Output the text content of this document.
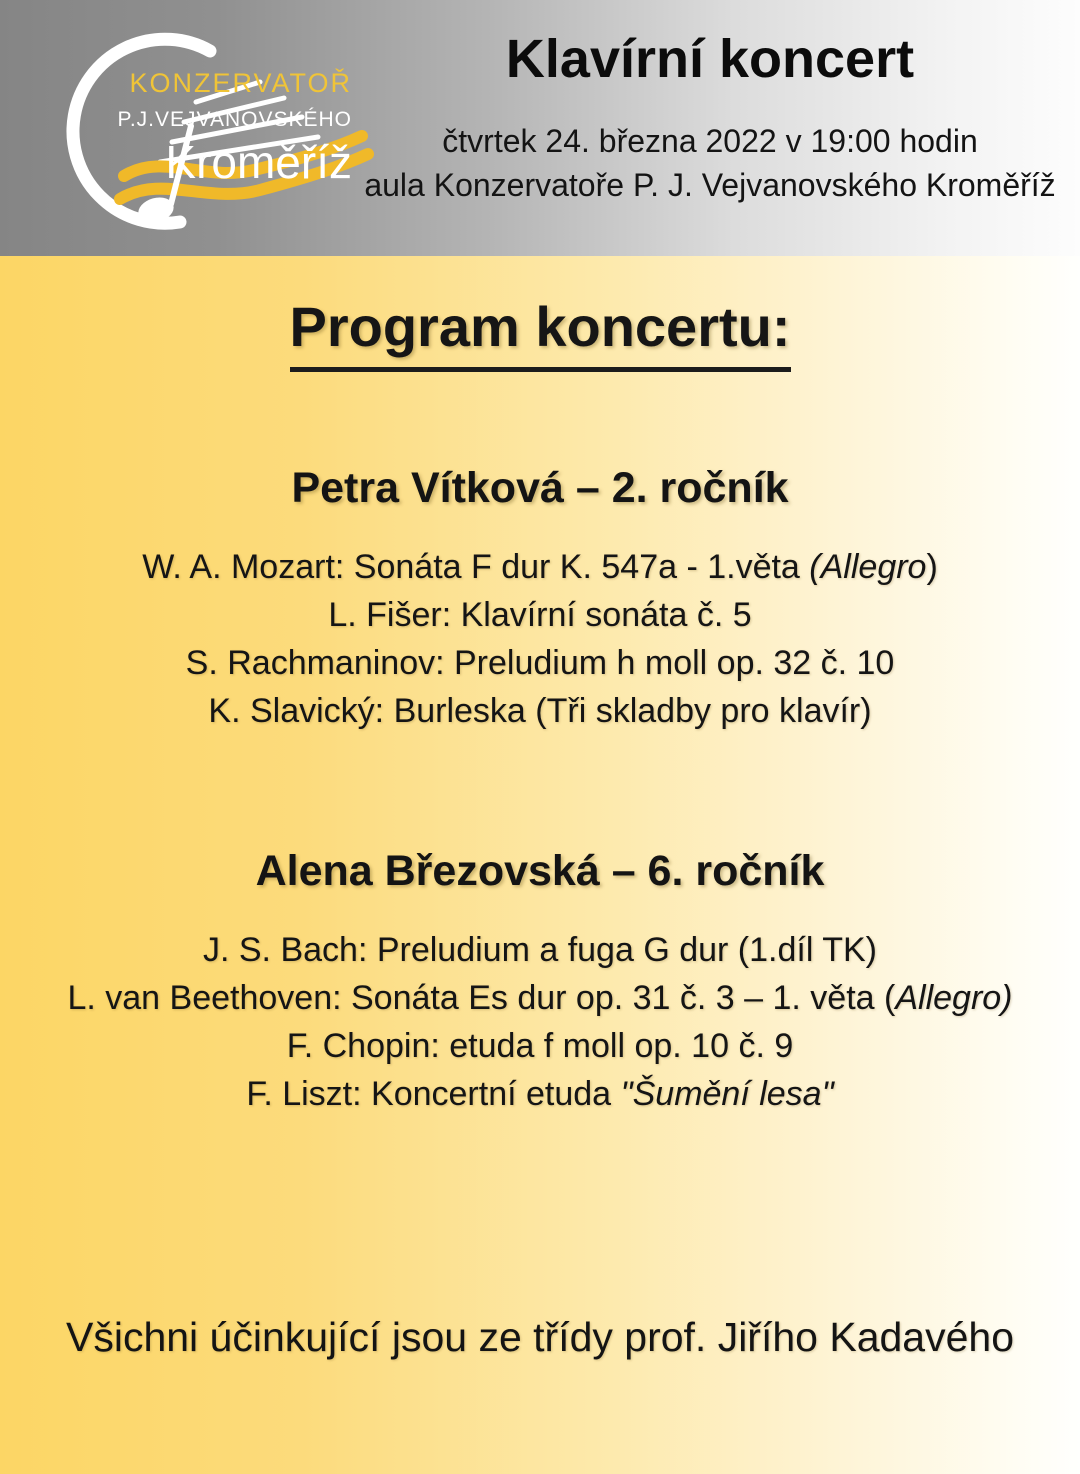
KONZERVATOŘ
P.J.VEJVANOVSKÉHO
Kroměříž
Klavírní koncert
čtvrtek 24. března 2022 v 19:00 hodin
aula Konzervatoře P. J. Vejvanovského Kroměříž
Program koncertu:
Petra Vítková – 2. ročník

W. A. Mozart: Sonáta F dur K. 547a - 1.věta (Allegro)

L. Fišer: Klavírní sonáta č. 5

S. Rachmaninov: Preludium h moll op. 32 č. 10

K. Slavický: Burleska (Tři skladby pro klavír)

Alena Březovská – 6. ročník

J. S. Bach: Preludium a fuga G dur (1.díl TK)

L. van Beethoven: Sonáta Es dur op. 31 č. 3 – 1. věta (Allegro)

F. Chopin: etuda f moll op. 10 č. 9

F. Liszt: Koncertní etuda "Šumění lesa"

Všichni účinkující jsou ze třídy prof. Jiřího Kadavého
